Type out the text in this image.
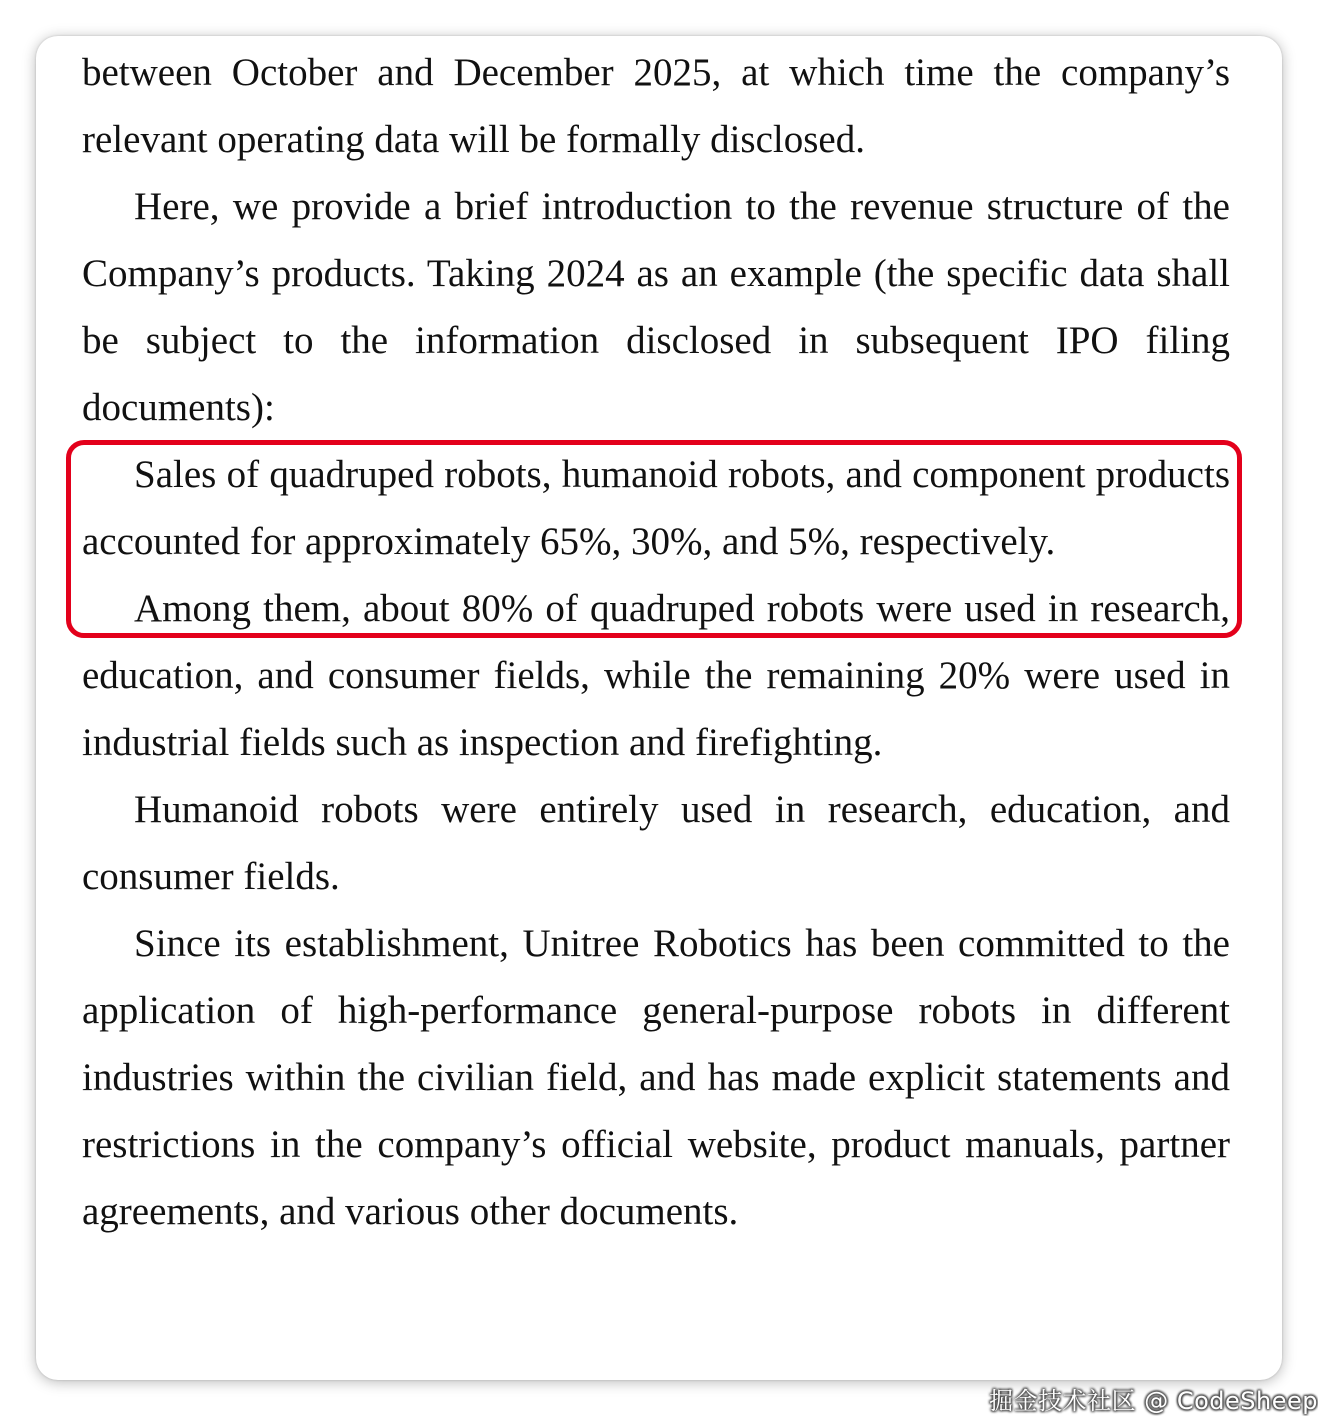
between October and December 2025, at which time the company’s relevant operating data will be formally disclosed.

Here, we provide a brief introduction to the revenue structure of the Company’s products. Taking 2024 as an example (the specific data shall be subject to the information disclosed in subsequent IPO filing documents):

Sales of quadruped robots, humanoid robots, and component products accounted for approximately 65%, 30%, and 5%, respectively.

Among them, about 80% of quadruped robots were used in research, education, and consumer fields, while the remaining 20% were used in industrial fields such as inspection and firefighting.

Humanoid robots were entirely used in research, education, and consumer fields.

Since its establishment, Unitree Robotics has been committed to the application of high-performance general-purpose robots in different industries within the civilian field, and has made explicit statements and restrictions in the company’s official website, product manuals, partner agreements, and various other documents.

掘金技术社区 @ CodeSheep
